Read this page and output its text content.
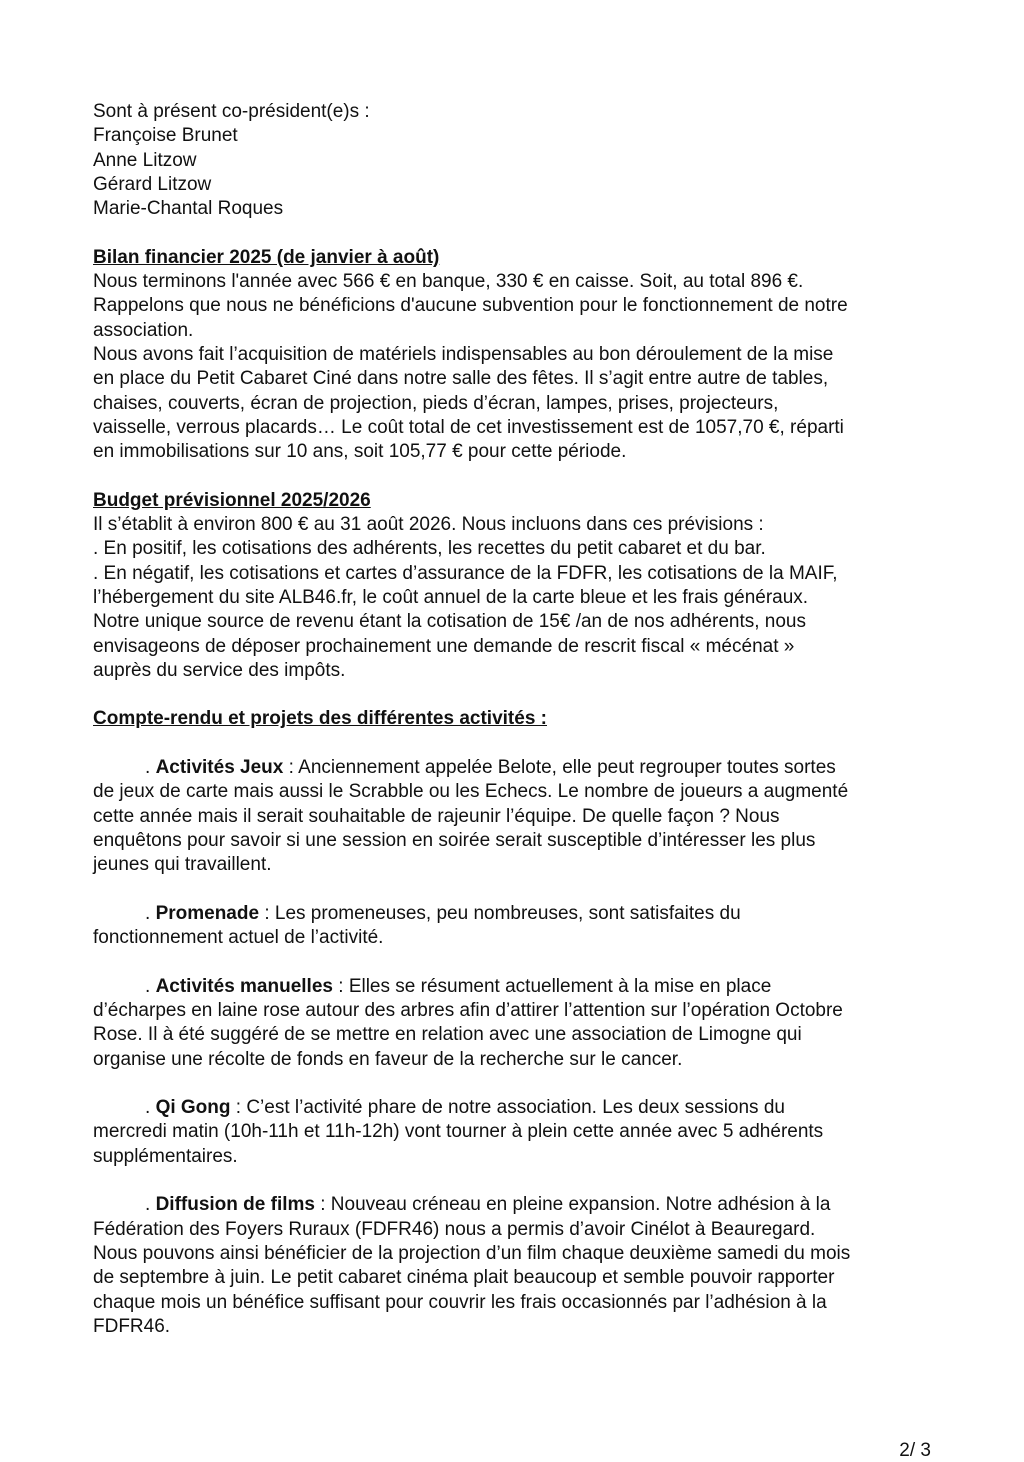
Sont à présent co-président(e)s :
Françoise Brunet
Anne Litzow
Gérard Litzow
Marie-Chantal Roques
Bilan financier 2025 (de janvier à août)
Nous terminons l'année avec 566 € en banque, 330 € en caisse. Soit, au total 896 €.
Rappelons que nous ne bénéficions d'aucune subvention pour le fonctionnement de notre
association.
Nous avons fait l’acquisition de matériels indispensables au bon déroulement de la mise
en place du Petit Cabaret Ciné dans notre salle des fêtes. Il s’agit entre autre de tables,
chaises, couverts, écran de projection, pieds d’écran, lampes, prises, projecteurs,
vaisselle, verrous placards… Le coût total de cet investissement est de 1057,70 €, réparti
en immobilisations sur 10 ans, soit 105,77 € pour cette période.
Budget prévisionnel 2025/2026
Il s’établit à environ 800 € au 31 août 2026. Nous incluons dans ces prévisions :
. En positif, les cotisations des adhérents, les recettes du petit cabaret et du bar.
. En négatif, les cotisations et cartes d’assurance de la FDFR, les cotisations de la MAIF,
l’hébergement du site ALB46.fr, le coût annuel de la carte bleue et les frais généraux.
Notre unique source de revenu étant la cotisation de 15€ /an de nos adhérents, nous
envisageons de déposer prochainement une demande de rescrit fiscal « mécénat »
auprès du service des impôts.
Compte-rendu et projets des différentes activités :
. Activités Jeux : Anciennement appelée Belote, elle peut regrouper toutes sortes
de jeux de carte mais aussi le Scrabble ou les Echecs. Le nombre de joueurs a augmenté
cette année mais il serait souhaitable de rajeunir l’équipe. De quelle façon ? Nous
enquêtons pour savoir si une session en soirée serait susceptible d’intéresser les plus
jeunes qui travaillent.
. Promenade : Les promeneuses, peu nombreuses, sont satisfaites du
fonctionnement actuel de l’activité.
. Activités manuelles : Elles se résument actuellement à la mise en place
d’écharpes en laine rose autour des arbres afin d’attirer l’attention sur l’opération Octobre
Rose. Il à été suggéré de se mettre en relation avec une association de Limogne qui
organise une récolte de fonds en faveur de la recherche sur le cancer.
. Qi Gong : C’est l’activité phare de notre association. Les deux sessions du
mercredi matin (10h-11h et 11h-12h) vont tourner à plein cette année avec 5 adhérents
supplémentaires.
. Diffusion de films : Nouveau créneau en pleine expansion. Notre adhésion à la
Fédération des Foyers Ruraux (FDFR46) nous a permis d’avoir Cinélot à Beauregard.
Nous pouvons ainsi bénéficier de la projection d’un film chaque deuxième samedi du mois
de septembre à juin. Le petit cabaret cinéma plait beaucoup et semble pouvoir rapporter
chaque mois un bénéfice suffisant pour couvrir les frais occasionnés par l’adhésion à la
FDFR46.
2/ 3
